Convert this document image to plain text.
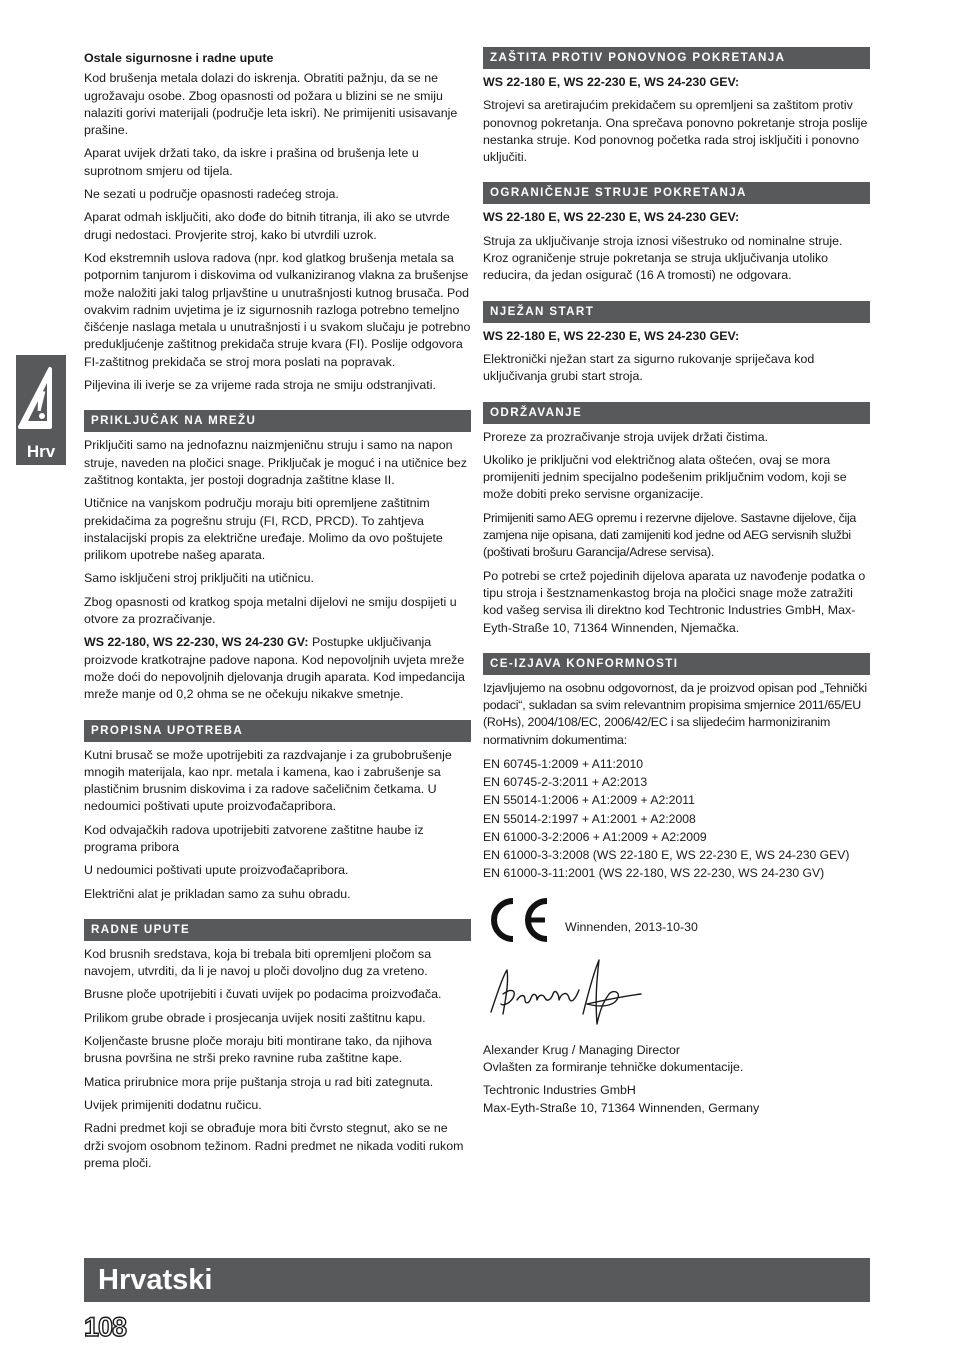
Hrv

Ostale sigurnosne i radne upute

Kod brušenja metala dolazi do iskrenja. Obratiti pažnju, da se ne ugrožavaju osobe. Zbog opasnosti od požara u blizini se ne smiju nalaziti gorivi materijali (područje leta iskri). Ne primijeniti usisavanje prašine.

Aparat uvijek držati tako, da iskre i prašina od brušenja lete u suprotnom smjeru od tijela.

Ne sezati u područje opasnosti radećeg stroja.

Aparat odmah isključiti, ako dođe do bitnih titranja, ili ako se utvrde drugi nedostaci. Provjerite stroj, kako bi utvrdili uzrok.

Kod ekstremnih uslova radova (npr. kod glatkog brušenja metala sa potpornim tanjurom i diskovima od vulkaniziranog vlakna za brušenjse može naložiti jaki talog prljavštine u unutrašnjosti kutnog brusača. Pod ovakvim radnim uvjetima je iz sigurnosnih razloga potrebno temeljno čišćenje naslaga metala u unutrašnjosti i u svakom slučaju je potrebno predukljućenje zaštitnog prekidača struje kvara (FI). Poslije odgovora FI-zaštitnog prekidača se stroj mora poslati na popravak.

Piljevina ili iverje se za vrijeme rada stroja ne smiju odstranjivati.

PRIKLJUČAK NA MREŽU

Priključiti samo na jednofaznu naizmjeničnu struju i samo na napon struje, naveden na pločici snage. Priključak je moguć i na utičnice bez zaštitnog kontakta, jer postoji dogradnja zaštitne klase II.

Utičnice na vanjskom području moraju biti opremljene zaštitnim prekidačima za pogrešnu struju (FI, RCD, PRCD). To zahtjeva instalacijski propis za električne uređaje. Molimo da ovo poštujete prilikom upotrebe našeg aparata.

Samo isključeni stroj priključiti na utičnicu.

Zbog opasnosti od kratkog spoja metalni dijelovi ne smiju dospijeti u otvore za prozračivanje.

WS 22-180, WS 22-230, WS 24-230 GV: Postupke uključivanja proizvode kratkotrajne padove napona. Kod nepovoljnih uvjeta mreže može doći do nepovoljnih djelovanja drugih aparata. Kod impedancija mreže manje od 0,2 ohma se ne očekuju nikakve smetnje.

PROPISNA UPOTREBA

Kutni brusač se može upotrijebiti za razdvajanje i za grubobrušenje mnogih materijala, kao npr. metala i kamena, kao i zabrušenje sa plastičnim brusnim diskovima i za radove sačeličnim četkama. U nedoumici poštivati upute proizvođačapribora.

Kod odvajačkih radova upotrijebiti zatvorene zaštitne haube iz programa pribora

U nedoumici poštivati upute proizvođačapribora.

Električni alat je prikladan samo za suhu obradu.

RADNE UPUTE

Kod brusnih sredstava, koja bi trebala biti opremljeni pločom sa navojem, utvrditi, da li je navoj u ploči dovoljno dug za vreteno.

Brusne ploče upotrijebiti i čuvati uvijek po podacima proizvođača.

Prilikom grube obrade i prosjecanja uvijek nositi zaštitnu kapu.

Koljenčaste brusne ploče moraju biti montirane tako, da njihova brusna površina ne strši preko ravnine ruba zaštitne kape.

Matica prirubnice mora prije puštanja stroja u rad biti zategnuta.

Uvijek primijeniti dodatnu ručicu.

Radni predmet koji se obrađuje mora biti čvrsto stegnut, ako se ne drži svojom osobnom težinom. Radni predmet ne nikada voditi rukom prema ploči.

ZAŠTITA PROTIV PONOVNOG POKRETANJA

WS 22-180 E, WS 22-230 E, WS 24-230 GEV:

Strojevi sa aretirajućim prekidačem su opremljeni sa zaštitom protiv ponovnog pokretanja. Ona sprečava ponovno pokretanje stroja poslije nestanka struje. Kod ponovnog početka rada stroj isključiti i ponovno uključiti.

OGRANIČENJE STRUJE POKRETANJA

WS 22-180 E, WS 22-230 E, WS 24-230 GEV:

Struja za uključivanje stroja iznosi višestruko od nominalne struje. Kroz ograničenje struje pokretanja se struja uključivanja utoliko reducira, da jedan osigurač (16 A tromosti) ne odgovara.

NJEŽAN START

WS 22-180 E, WS 22-230 E, WS 24-230 GEV:

Elektronički nježan start za sigurno rukovanje spriječava kod uključivanja grubi start stroja.

ODRŽAVANJE

Proreze za prozračivanje stroja uvijek držati čistima.

Ukoliko je priključni vod električnog alata oštećen, ovaj se mora promijeniti jednim specijalno podešenim priključnim vodom, koji se može dobiti preko servisne organizacije.

Primijeniti samo AEG opremu i rezervne dijelove. Sastavne dijelove, čija zamjena nije opisana, dati zamijeniti kod jedne od AEG servisnih službi (poštivati brošuru Garancija/Adrese servisa).

Po potrebi se crtež pojedinih dijelova aparata uz navođenje podatka o tipu stroja i šestznamenkastog broja na pločici snage može zatražiti kod vašeg servisa ili direktno kod Techtronic Industries GmbH, Max-Eyth-Straße 10, 71364 Winnenden, Njemačka.

CE-IZJAVA KONFORMNOSTI

Izjavljujemo na osobnu odgovornost, da je proizvod opisan pod „Tehnički podaci“, sukladan sa svim relevantnim propisima smjernice 2011/65/EU (RoHs), 2004/108/EC, 2006/42/EC i sa slijedećim harmoniziranim normativnim dokumentima:

EN 60745-1:2009 + A11:2010
EN 60745-2-3:2011 + A2:2013
EN 55014-1:2006 + A1:2009 + A2:2011
EN 55014-2:1997 + A1:2001 + A2:2008
EN 61000-3-2:2006 + A1:2009 + A2:2009
EN 61000-3-3:2008 (WS 22-180 E, WS 22-230 E, WS 24-230 GEV)
EN 61000-3-11:2001 (WS 22-180, WS 22-230, WS 24-230 GV)
Winnenden, 2013-10-30

Alexander Krug / Managing Director

Ovlašten za formiranje tehničke dokumentacije.

Techtronic Industries GmbH

Max-Eyth-Straße 10, 71364 Winnenden, Germany

Hrvatski
108
